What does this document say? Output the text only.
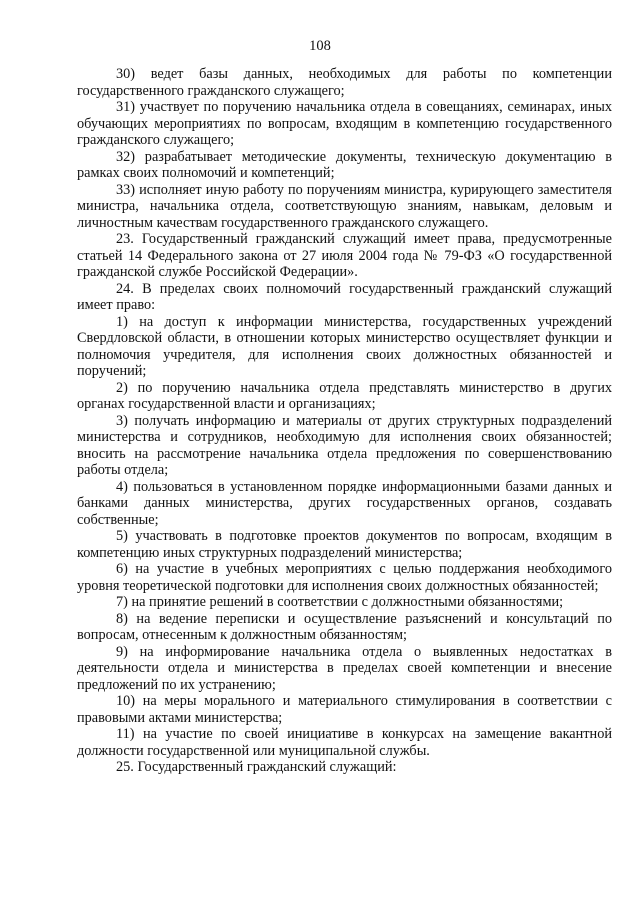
108

30) ведет базы данных, необходимых для работы по компетенции государственного гражданского служащего;

31) участвует по поручению начальника отдела в совещаниях, семинарах, иных обучающих мероприятиях по вопросам, входящим в компетенцию государственного гражданского служащего;

32) разрабатывает методические документы, техническую документацию в рамках своих полномочий и компетенций;

33) исполняет иную работу по поручениям министра, курирующего заместителя министра, начальника отдела, соответствующую знаниям, навыкам, деловым и личностным качествам государственного гражданского служащего.

23. Государственный гражданский служащий имеет права, предусмотренные статьей 14 Федерального закона от 27 июля 2004 года № 79-ФЗ «О государственной гражданской службе Российской Федерации».

24. В пределах своих полномочий государственный гражданский служащий имеет право:

1) на доступ к информации министерства, государственных учреждений Свердловской области, в отношении которых министерство осуществляет функции и полномочия учредителя, для исполнения своих должностных обязанностей и поручений;

2) по поручению начальника отдела представлять министерство в других органах государственной власти и организациях;

3) получать информацию и материалы от других структурных подразделений министерства и сотрудников, необходимую для исполнения своих обязанностей; вносить на рассмотрение начальника отдела предложения по совершенствованию работы отдела;

4) пользоваться в установленном порядке информационными базами данных и банками данных министерства, других государственных органов, создавать собственные;

5) участвовать в подготовке проектов документов по вопросам, входящим в компетенцию иных структурных подразделений министерства;

6) на участие в учебных мероприятиях с целью поддержания необходимого уровня теоретической подготовки для исполнения своих должностных обязанностей;

7) на принятие решений в соответствии с должностными обязанностями;

8) на ведение переписки и осуществление разъяснений и консультаций по вопросам, отнесенным к должностным обязанностям;

9) на информирование начальника отдела о выявленных недостатках в деятельности отдела и министерства в пределах своей компетенции и внесение предложений по их устранению;

10) на меры морального и материального стимулирования в соответствии с правовыми актами министерства;

11) на участие по своей инициативе в конкурсах на замещение вакантной должности государственной или муниципальной службы.

25. Государственный гражданский служащий:
